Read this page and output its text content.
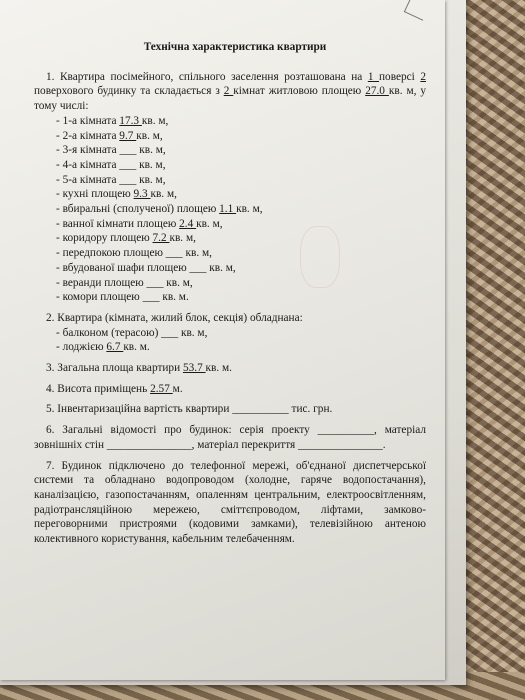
Технічна характеристика квартири

1. Квартира посімейного, спільного заселення розташована на 1 поверсі 2 поверхового будинку та складається з 2 кімнат житловою площею 27.0 кв. м, у тому числі:

- 1-а кімната 17.3 кв. м,

- 2-а кімната 9.7 кв. м,

- 3-я кімната ___ кв. м,

- 4-а кімната ___ кв. м,

- 5-а кімната ___ кв. м,

- кухні площею 9.3 кв. м,

- вбиральні (сполученої) площею 1.1 кв. м,

- ванної кімнати площею 2.4 кв. м,

- коридору площею 7.2 кв. м,

- передпокою площею ___ кв. м,

- вбудованої шафи площею ___ кв. м,

- веранди площею ___ кв. м,

- комори площею ___ кв. м.

2. Квартира (кімната, жилий блок, секція) обладнана:

- балконом (терасою) ___ кв. м,

- лоджією 6.7 кв. м.

3. Загальна площа квартири 53.7 кв. м.

4. Висота приміщень 2.57 м.

5. Інвентаризаційна вартість квартири __________ тис. грн.

6. Загальні відомості про будинок: серія проекту __________, матеріал зовнішніх стін _______________, матеріал перекриття _______________.

7. Будинок підключено до телефонної мережі, об'єднаної диспетчерської системи та обладнано водопроводом (холодне, гаряче водопостачання), каналізацією, газопостачанням, опаленням центральним, електроосвітленням, радіотрансляційною мережею, сміттєпроводом, ліфтами, замково-переговорними пристроями (кодовими замками), телевізійною антеною колективного користування, кабельним телебаченням.
